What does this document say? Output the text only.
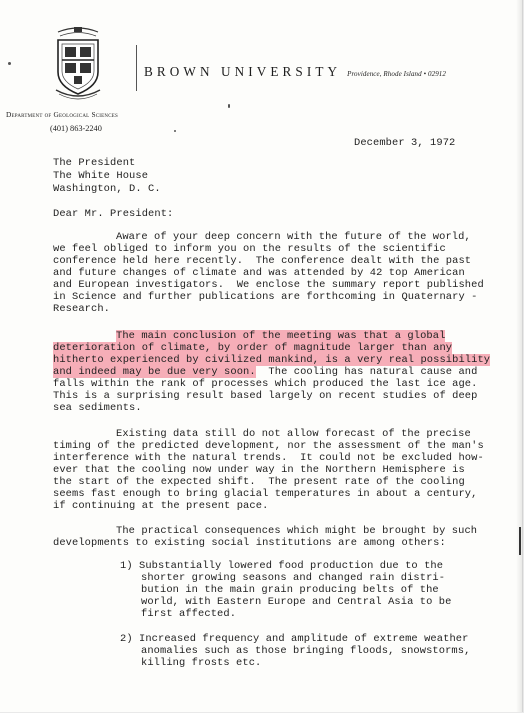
BROWN UNIVERSITY Providence, Rhode Island • 02912
Department of Geological Sciences
(401) 863-2240
December 3, 1972
The President
The White House
Washington, D. C.
Dear Mr. President:
Aware of your deep concern with the future of the world,
we feel obliged to inform you on the results of the scientific
conference held here recently.  The conference dealt with the past
and future changes of climate and was attended by 42 top American
and European investigators.  We enclose the summary report published
in Science and further publications are forthcoming in Quaternary -
Research.
The main conclusion of the meeting was that a global
deterioration of climate, by order of magnitude larger than any
hitherto experienced by civilized mankind, is a very real possibility
and indeed may be due very soon.  The cooling has natural cause and
falls within the rank of processes which produced the last ice age.
This is a surprising result based largely on recent studies of deep
sea sediments.
Existing data still do not allow forecast of the precise
timing of the predicted development, nor the assessment of the man's
interference with the natural trends.  It could not be excluded how-
ever that the cooling now under way in the Northern Hemisphere is
the start of the expected shift.  The present rate of the cooling
seems fast enough to bring glacial temperatures in about a century,
if continuing at the present pace.
The practical consequences which might be brought by such
developments to existing social institutions are among others:
1) Substantially lowered food production due to the
shorter growing seasons and changed rain distri-
bution in the main grain producing belts of the
world, with Eastern Europe and Central Asia to be
first affected.
2) Increased frequency and amplitude of extreme weather
anomalies such as those bringing floods, snowstorms,
killing frosts etc.
